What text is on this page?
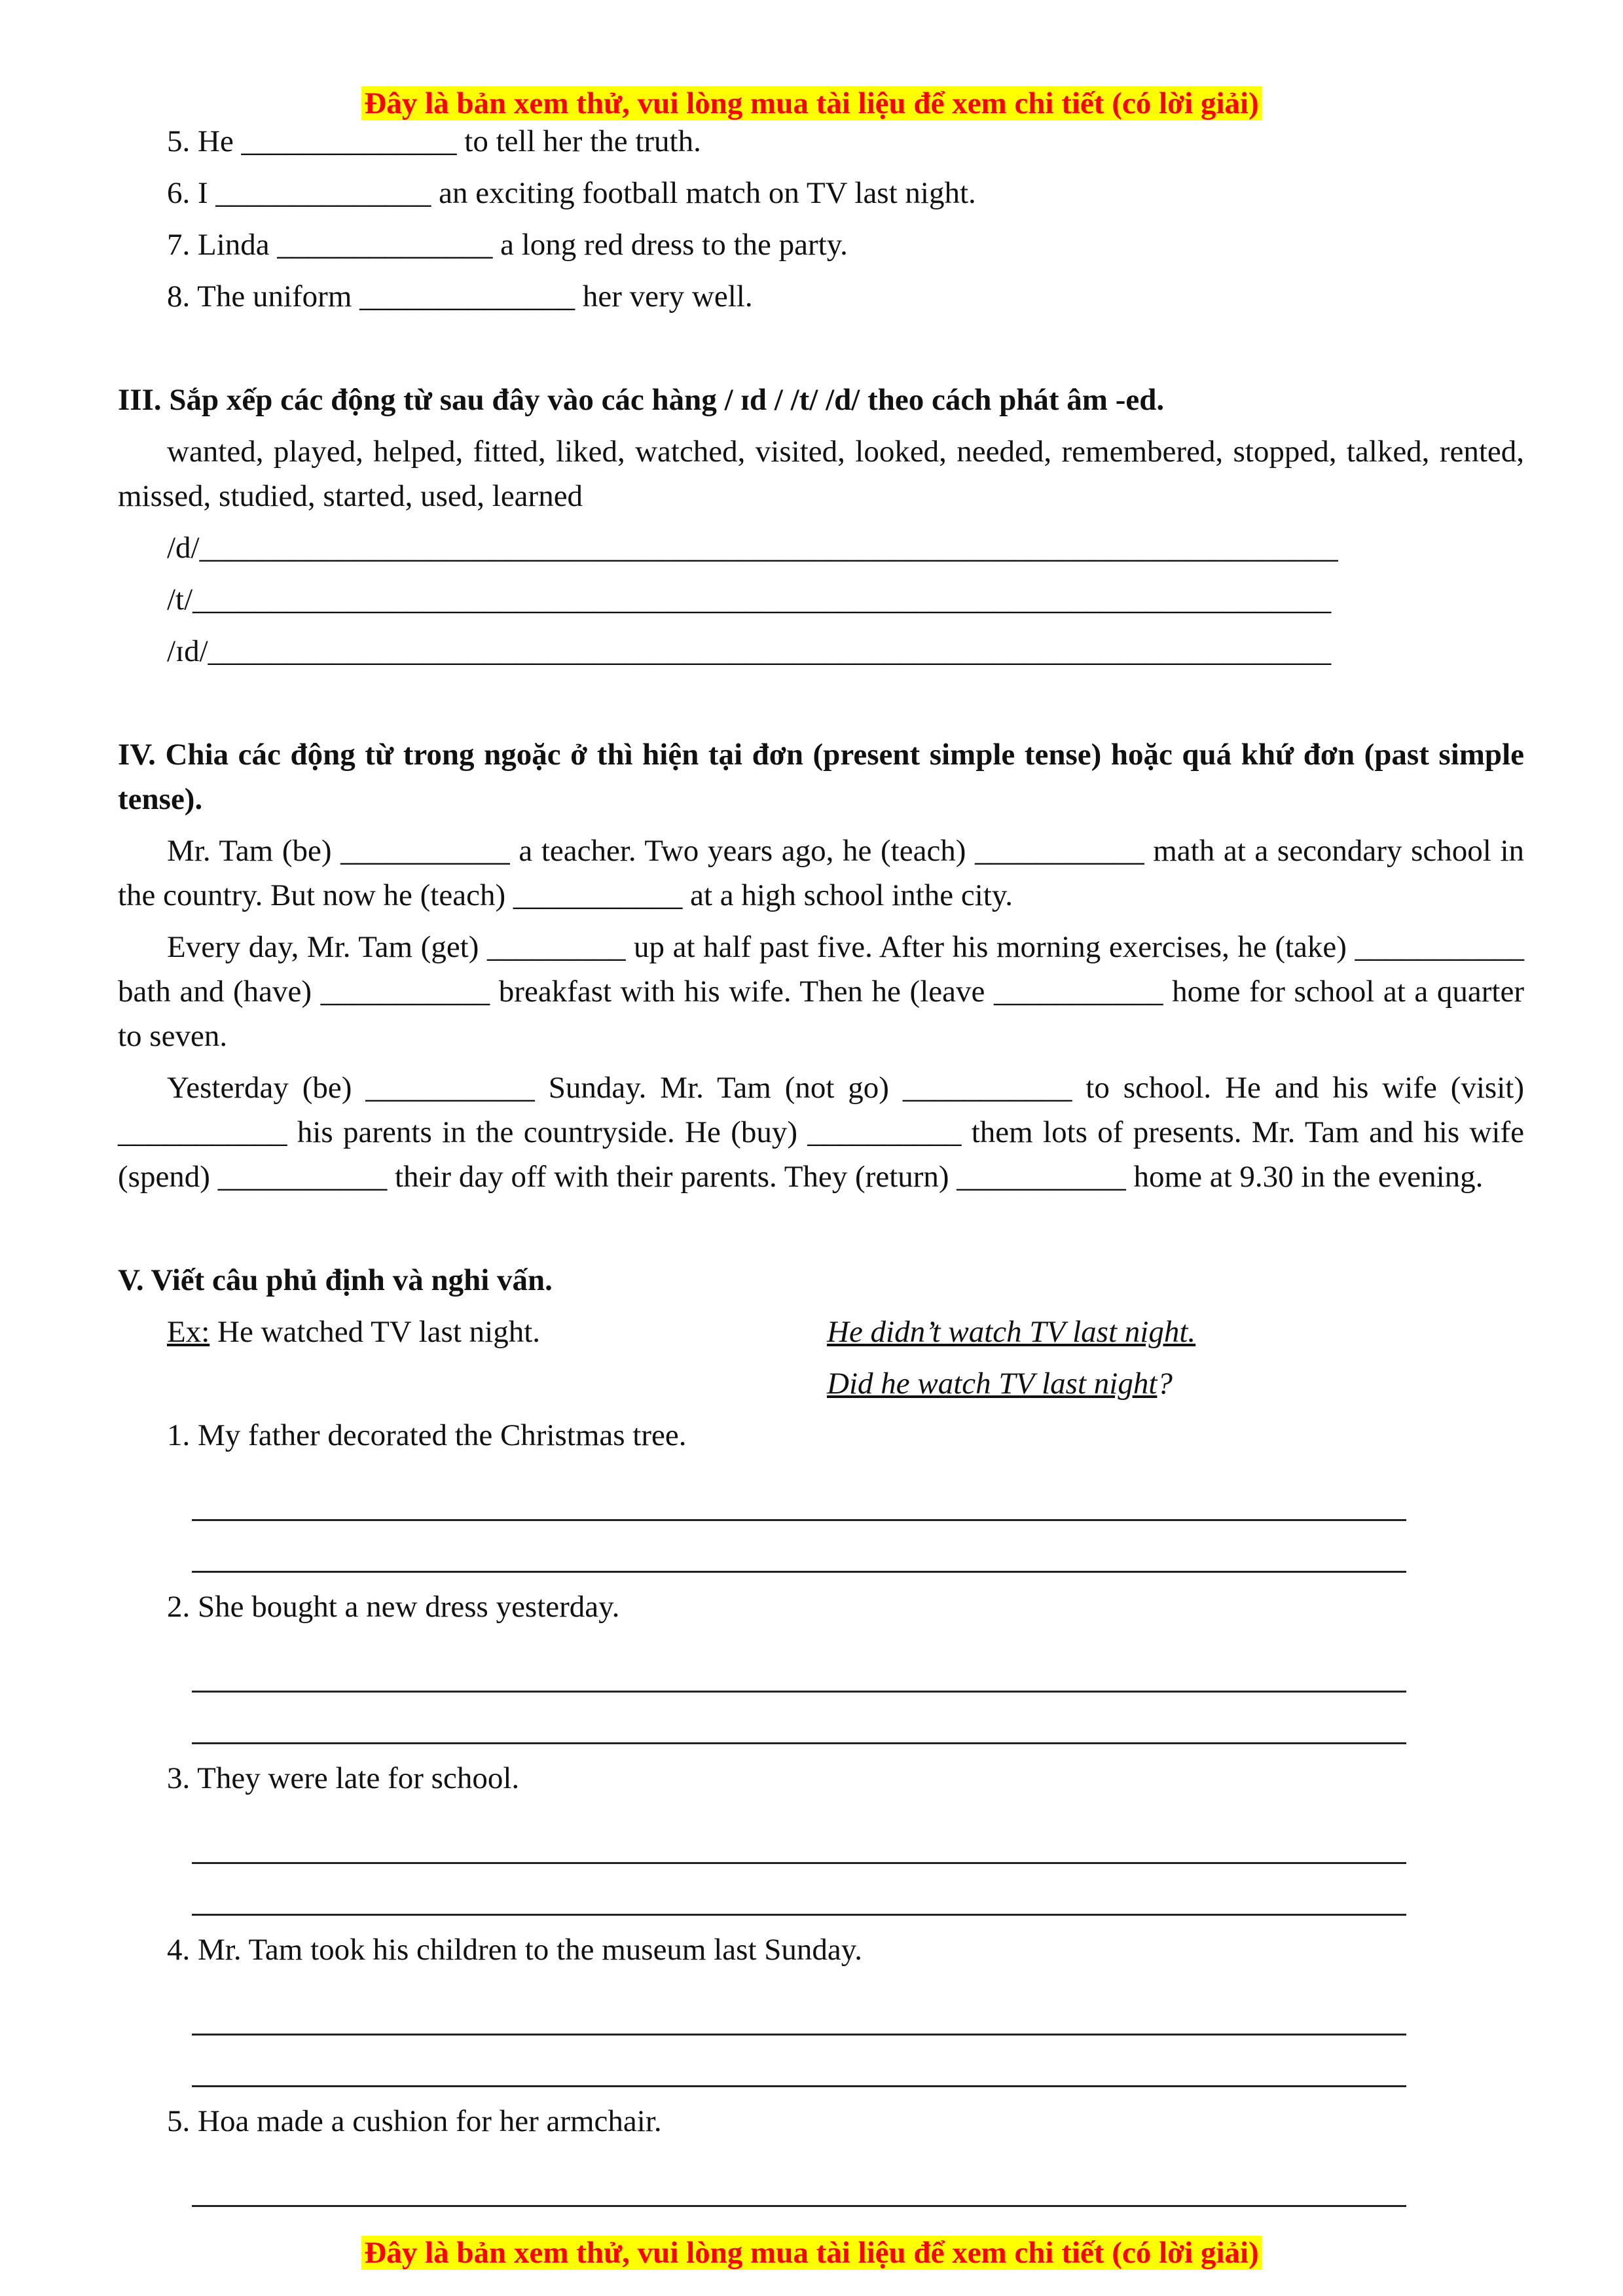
Đây là bản xem thử, vui lòng mua tài liệu để xem chi tiết (có lời giải)
5. He ______________ to tell her the truth.
6. I ______________ an exciting football match on TV last night.
7. Linda ______________ a long red dress to the party.
8. The uniform ______________ her very well.
III. Sắp xếp các động từ sau đây vào các hàng / ɪd / /t/ /d/ theo cách phát âm -ed.
wanted, played, helped, fitted, liked, watched, visited, looked, needed, remembered, stopped, talked, rented, missed, studied, started, used, learned
/d/__________________________________________________________________________
/t/__________________________________________________________________________
/ɪd/_________________________________________________________________________
IV. Chia các động từ trong ngoặc ở thì hiện tại đơn (present simple tense) hoặc quá khứ đơn (past simple tense).
Mr. Tam (be) ___________ a teacher. Two years ago, he (teach) ___________ math at a secondary school in the country. But now he (teach) ___________ at a high school inthe city.
Every day, Mr. Tam (get) _________ up at half past five. After his morning exercises, he (take) ___________ bath and (have) ___________ breakfast with his wife. Then he (leave ___________ home for school at a quarter to seven.
Yesterday (be) ___________ Sunday. Mr. Tam (not go) ___________ to school. He and his wife (visit) ___________ his parents in the countryside. He (buy) __________ them lots of presents. Mr. Tam and his wife (spend) ___________ their day off with their parents. They (return) ___________ home at 9.30 in the evening.
V. Viết câu phủ định và nghi vấn.
Ex: He watched TV last night.	He didn’t watch TV last night.
Did he watch TV last night?
1. My father decorated the Christmas tree.
2. She bought a new dress yesterday.
3. They were late for school.
4. Mr. Tam took his children to the museum last Sunday.
5. Hoa made a cushion for her armchair.
Đây là bản xem thử, vui lòng mua tài liệu để xem chi tiết (có lời giải)
